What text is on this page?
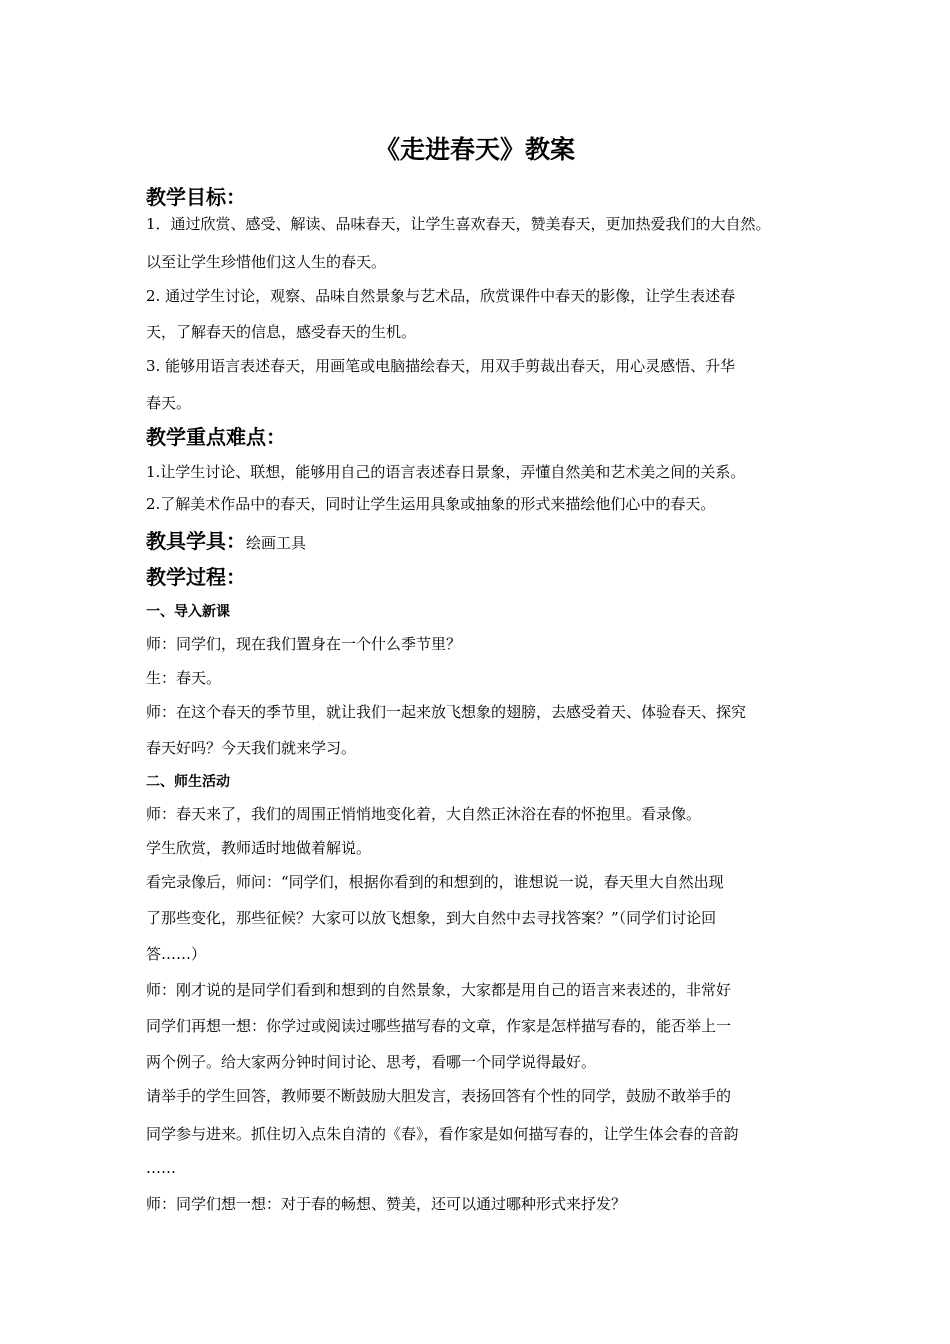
《走进春天》教案
教学目标：
1．通过欣赏、感受、解读、品味春天，让学生喜欢春天，赞美春天，更加热爱我们的大自然。
以至让学生珍惜他们这人生的春天。
2. 通过学生讨论，观察、品味自然景象与艺术品，欣赏课件中春天的影像，让学生表述春
天，了解春天的信息，感受春天的生机。
3. 能够用语言表述春天，用画笔或电脑描绘春天，用双手剪裁出春天，用心灵感悟、升华
春天。
教学重点难点：
1.让学生讨论、联想，能够用自己的语言表述春日景象，弄懂自然美和艺术美之间的关系。
2.了解美术作品中的春天，同时让学生运用具象或抽象的形式来描绘他们心中的春天。
教具学具：绘画工具
教学过程：
一、导入新课
师：同学们，现在我们置身在一个什么季节里？
生：春天。
师：在这个春天的季节里，就让我们一起来放飞想象的翅膀，去感受着天、体验春天、探究
春天好吗？今天我们就来学习。
二、师生活动
师：春天来了，我们的周围正悄悄地变化着，大自然正沐浴在春的怀抱里。看录像。
学生欣赏，教师适时地做着解说。
看完录像后，师问：“同学们，根据你看到的和想到的，谁想说一说，春天里大自然出现
了那些变化，那些征候？大家可以放飞想象，到大自然中去寻找答案？”（同学们讨论回
答……）
师：刚才说的是同学们看到和想到的自然景象，大家都是用自己的语言来表述的，非常好
同学们再想一想：你学过或阅读过哪些描写春的文章，作家是怎样描写春的，能否举上一
两个例子。给大家两分钟时间讨论、思考，看哪一个同学说得最好。
请举手的学生回答，教师要不断鼓励大胆发言，表扬回答有个性的同学，鼓励不敢举手的
同学参与进来。抓住切入点朱自清的《春》，看作家是如何描写春的，让学生体会春的音韵
……
师：同学们想一想：对于春的畅想、赞美，还可以通过哪种形式来抒发？
